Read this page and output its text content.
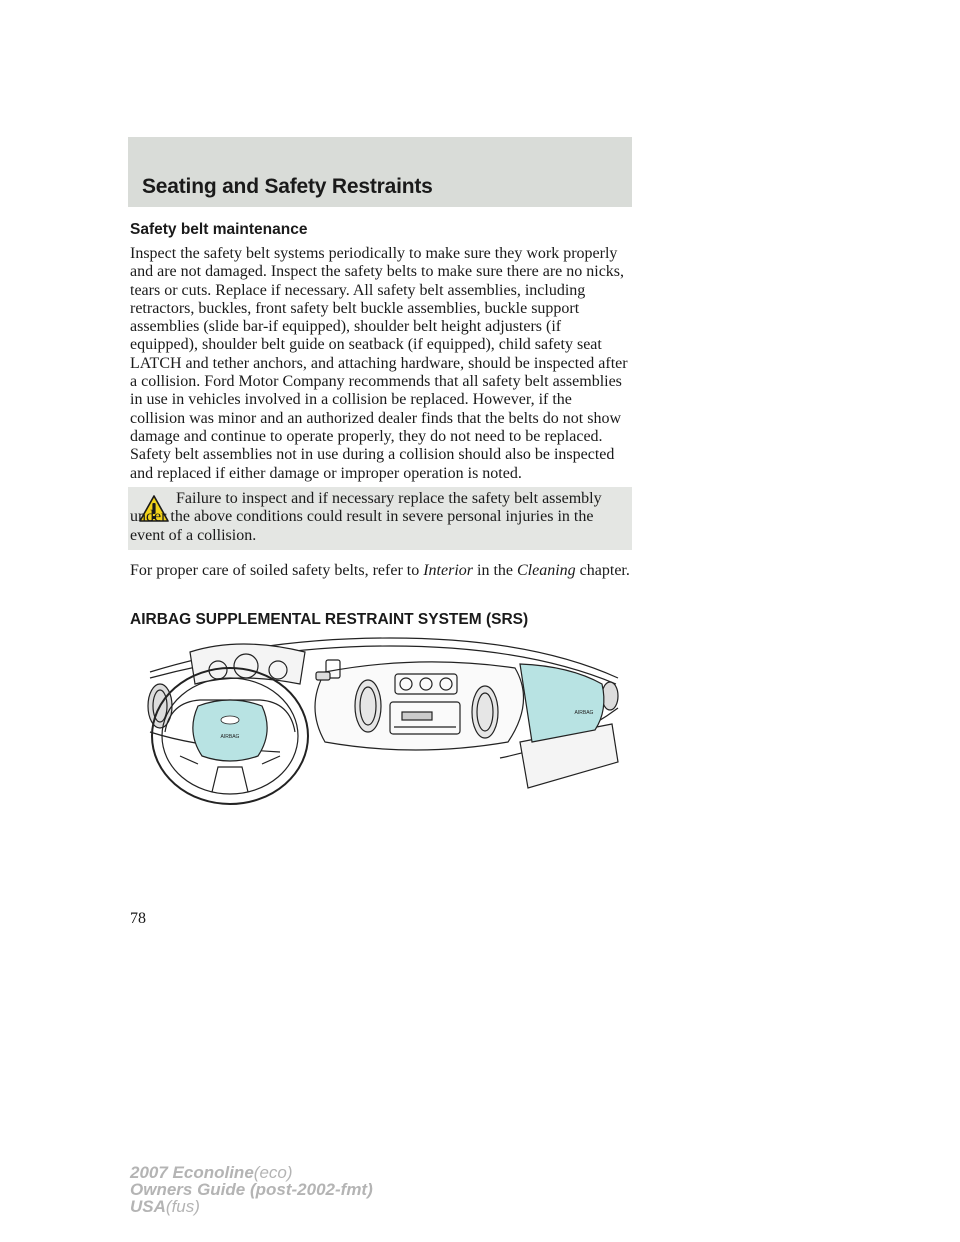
Seating and Safety Restraints
Safety belt maintenance
Inspect the safety belt systems periodically to make sure they work properly and are not damaged. Inspect the safety belts to make sure there are no nicks, tears or cuts. Replace if necessary. All safety belt assemblies, including retractors, buckles, front safety belt buckle assemblies, buckle support assemblies (slide bar-if equipped), shoulder belt height adjusters (if equipped), shoulder belt guide on seatback (if equipped), child safety seat LATCH and tether anchors, and attaching hardware, should be inspected after a collision. Ford Motor Company recommends that all safety belt assemblies in use in vehicles involved in a collision be replaced. However, if the collision was minor and an authorized dealer finds that the belts do not show damage and continue to operate properly, they do not need to be replaced. Safety belt assemblies not in use during a collision should also be inspected and replaced if either damage or improper operation is noted.
Failure to inspect and if necessary replace the safety belt assembly under the above conditions could result in severe personal injuries in the event of a collision.
For proper care of soiled safety belts, refer to Interior in the Cleaning chapter.
AIRBAG SUPPLEMENTAL RESTRAINT SYSTEM (SRS)
AIRBAG
AIRBAG
78
2007 Econoline(eco)
Owners Guide (post-2002-fmt)
USA(fus)
